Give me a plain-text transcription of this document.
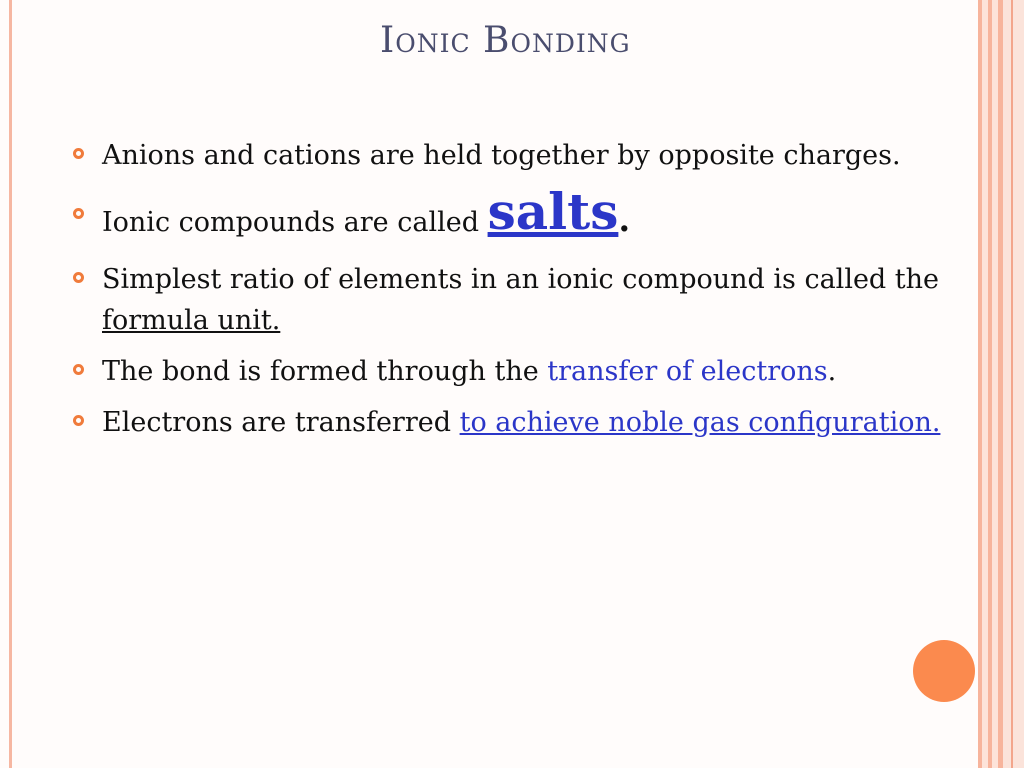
Ionic Bonding
Anions and cations are held together by opposite charges.
Ionic compounds are called salts.
Simplest ratio of elements in an ionic compound is called the formula unit.
The bond is formed through the transfer of electrons.
Electrons are transferred to achieve noble gas configuration.
